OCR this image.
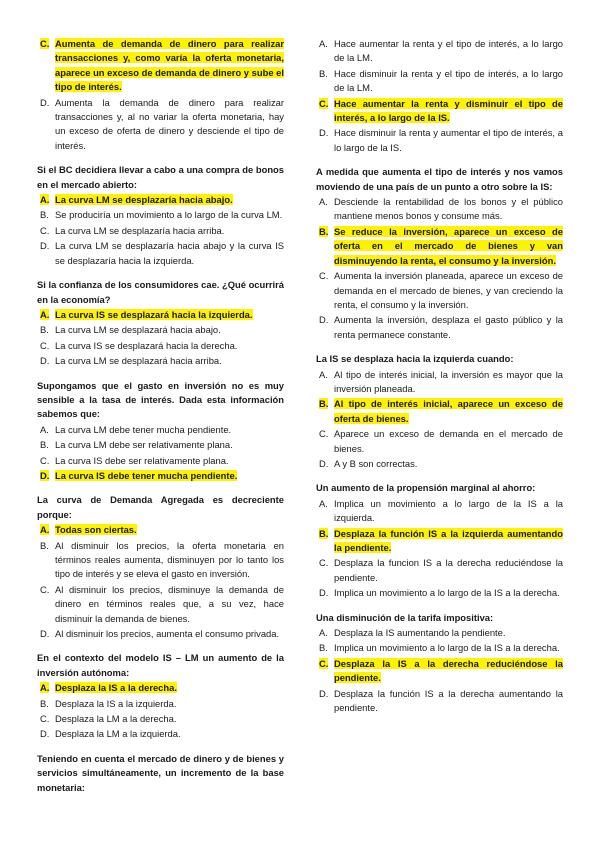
C. Aumenta de demanda de dinero para realizar transacciones y, como varía la oferta monetaria, aparece un exceso de demanda de dinero y sube el tipo de interés.
D. Aumenta la demanda de dinero para realizar transacciones y, al no variar la oferta monetaria, hay un exceso de oferta de dinero y desciende el tipo de interés.
Si el BC decidiera llevar a cabo a una compra de bonos en el mercado abierto:
A. La curva LM se desplazaría hacia abajo.
B. Se produciría un movimiento a lo largo de la curva LM.
C. La curva LM se desplazaría hacia arriba.
D. La curva LM se desplazaría hacia abajo y la curva IS se desplazaría hacia la izquierda.
Si la confianza de los consumidores cae. ¿Qué ocurrirá en la economía?
A. La curva IS se desplazará hacia la izquierda.
B. La curva LM se desplazará hacia abajo.
C. La curva IS se desplazará hacia la derecha.
D. La curva LM se desplazará hacia arriba.
Supongamos que el gasto en inversión no es muy sensible a la tasa de interés. Dada esta información sabemos que:
A. La curva LM debe tener mucha pendiente.
B. La curva LM debe ser relativamente plana.
C. La curva IS debe ser relativamente plana.
D. La curva IS debe tener mucha pendiente.
La curva de Demanda Agregada es decreciente porque:
A. Todas son ciertas.
B. Al disminuir los precios, la oferta monetaria en términos reales aumenta, disminuyen por lo tanto los tipo de interés y se eleva el gasto en inversión.
C. Al disminuir los precios, disminuye la demanda de dinero en términos reales que, a su vez, hace disminuir la demanda de bienes.
D. Al disminuir los precios, aumenta el consumo privada.
En el contexto del modelo IS – LM un aumento de la inversión autónoma:
A. Desplaza la IS a la derecha.
B. Desplaza la IS a la izquierda.
C. Desplaza la LM a la derecha.
D. Desplaza la LM a la izquierda.
Teniendo en cuenta el mercado de dinero y de bienes y servicios simultáneamente, un incremento de la base monetaria:
A. Hace aumentar la renta y el tipo de interés, a lo largo de la LM.
B. Hace disminuir la renta y el tipo de interés, a lo largo de la LM.
C. Hace aumentar la renta y disminuir el tipo de interés, a lo largo de la IS.
D. Hace disminuir la renta y aumentar el tipo de interés, a lo largo de la IS.
A medida que aumenta el tipo de interés y nos vamos moviendo de una país de un punto a otro sobre la IS:
A. Desciende la rentabilidad de los bonos y el público mantiene menos bonos y consume más.
B. Se reduce la inversión, aparece un exceso de oferta en el mercado de bienes y van disminuyendo la renta, el consumo y la inversión.
C. Aumenta la inversión planeada, aparece un exceso de demanda en el mercado de bienes, y van creciendo la renta, el consumo y la inversión.
D. Aumenta la inversión, desplaza el gasto público y la renta permanece constante.
La IS se desplaza hacia la izquierda cuando:
A. Al tipo de interés inicial, la inversión es mayor que la inversión planeada.
B. Al tipo de interés inicial, aparece un exceso de oferta de bienes.
C. Aparece un exceso de demanda en el mercado de bienes.
D. A y B son correctas.
Un aumento de la propensión marginal al ahorro:
A. Implica un movimiento a lo largo de la IS a la izquierda.
B. Desplaza la función IS a la izquierda aumentando la pendiente.
C. Desplaza la funcion IS a la derecha reduciéndose la pendiente.
D. Implica un movimiento a lo largo de la IS a la derecha.
Una disminución de la tarifa impositiva:
A. Desplaza la IS aumentando la pendiente.
B. Implica un movimiento a lo largo de la IS a la derecha.
C. Desplaza la IS a la derecha reduciéndose la pendiente.
D. Desplaza la función IS a la derecha aumentando la pendiente.
